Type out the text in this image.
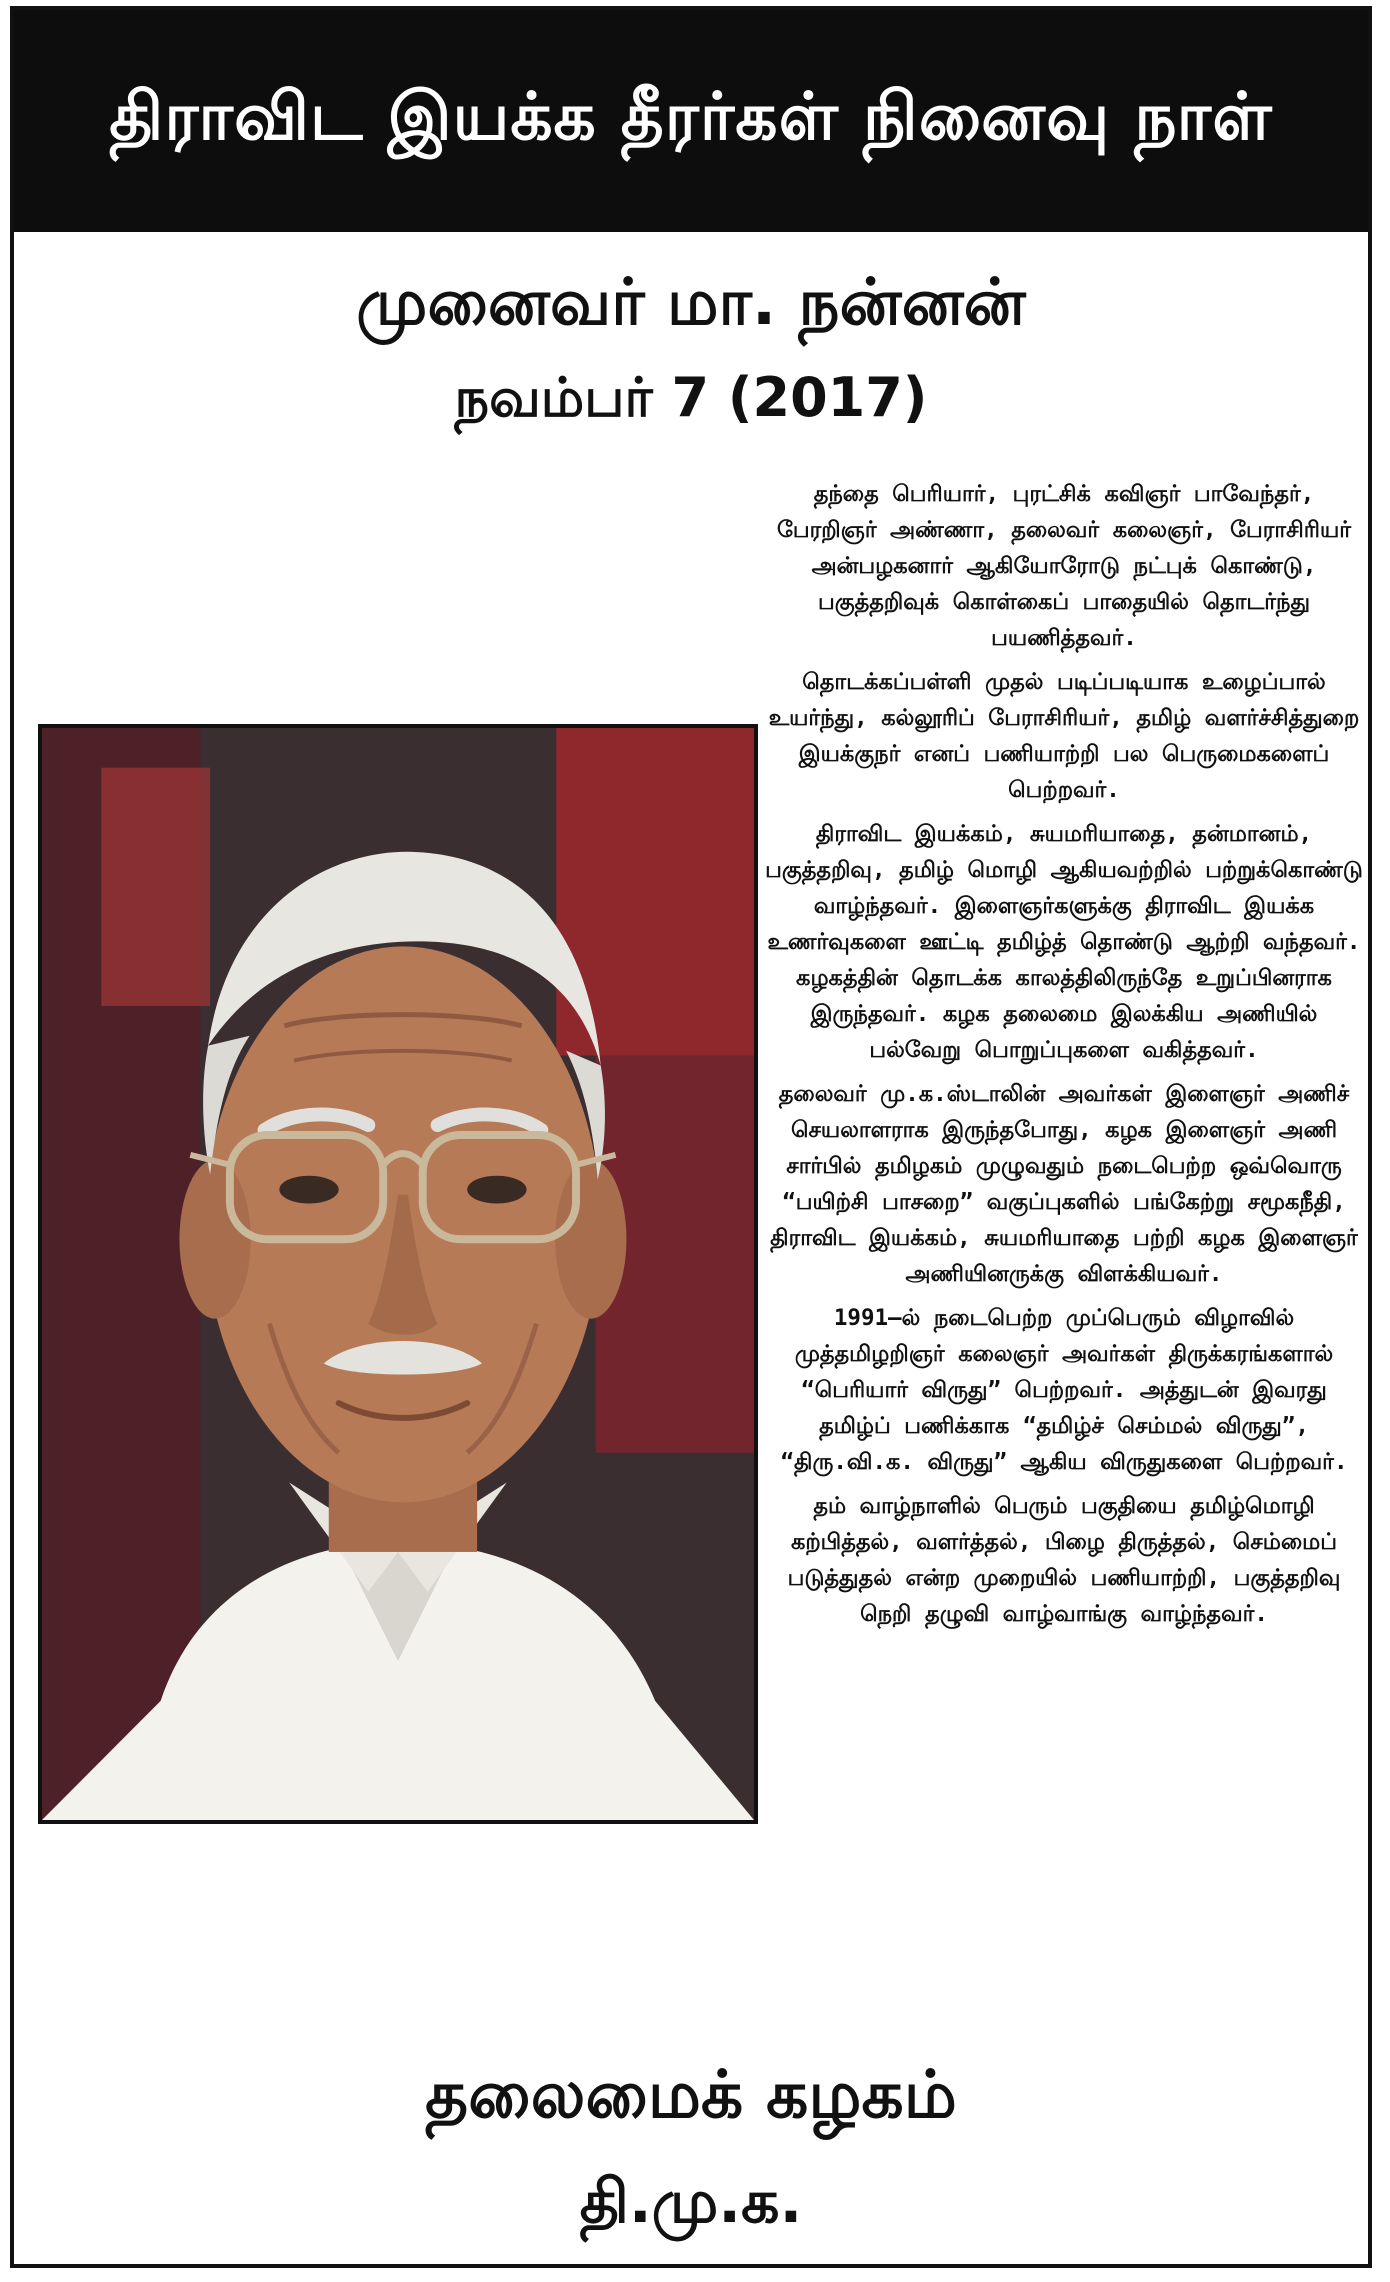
திராவிட இயக்க தீரர்கள் நினைவு நாள்
முனைவர் மா. நன்னன்
நவம்பர் 7 (2017)

தந்தை பெரியார், புரட்சிக் கவிஞர் பாவேந்தர், பேரறிஞர் அண்ணா, தலைவர் கலைஞர், பேராசிரியர் அன்பழகனார் ஆகியோரோடு நட்புக் கொண்டு, பகுத்தறிவுக் கொள்கைப் பாதையில் தொடர்ந்து பயணித்தவர்.

தொடக்கப்பள்ளி முதல் படிப்படியாக உழைப்பால் உயர்ந்து, கல்லூரிப் பேராசிரியர், தமிழ் வளர்ச்சித்துறை இயக்குநர் எனப் பணியாற்றி பல பெருமைகளைப் பெற்றவர்.

திராவிட இயக்கம், சுயமரியாதை, தன்மானம், பகுத்தறிவு, தமிழ் மொழி ஆகியவற்றில் பற்றுக்கொண்டு வாழ்ந்தவர். இளைஞர்களுக்கு திராவிட இயக்க உணர்வுகளை ஊட்டி தமிழ்த் தொண்டு ஆற்றி வந்தவர். கழகத்தின் தொடக்க காலத்திலிருந்தே உறுப்பினராக இருந்தவர். கழக தலைமை இலக்கிய அணியில் பல்வேறு பொறுப்புகளை வகித்தவர்.

தலைவர் மு.க.ஸ்டாலின் அவர்கள் இளைஞர் அணிச் செயலாளராக இருந்தபோது, கழக இளைஞர் அணி சார்பில் தமிழகம் முழுவதும் நடைபெற்ற ஒவ்வொரு “பயிற்சி பாசறை” வகுப்புகளில் பங்கேற்று சமூகநீதி, திராவிட இயக்கம், சுயமரியாதை பற்றி கழக இளைஞர் அணியினருக்கு விளக்கியவர்.

1991–ல் நடைபெற்ற முப்பெரும் விழாவில் முத்தமிழறிஞர் கலைஞர் அவர்கள் திருக்கரங்களால் “பெரியார் விருது” பெற்றவர். அத்துடன் இவரது தமிழ்ப் பணிக்காக “தமிழ்ச் செம்மல் விருது”, “திரு.வி.க. விருது” ஆகிய விருதுகளை பெற்றவர்.

தம் வாழ்நாளில் பெரும் பகுதியை தமிழ்மொழி கற்பித்தல், வளர்த்தல், பிழை திருத்தல், செம்மைப் படுத்துதல் என்ற முறையில் பணியாற்றி, பகுத்தறிவு நெறி தழுவி வாழ்வாங்கு வாழ்ந்தவர்.

தலைமைக் கழகம்
தி.மு.க.
